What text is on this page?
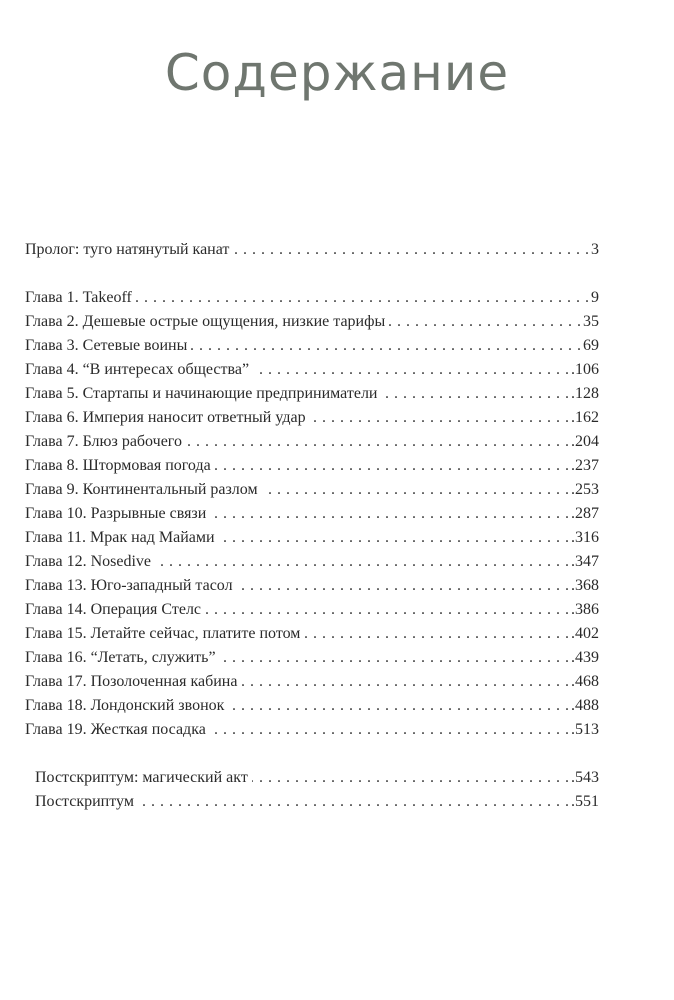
Содержание
Пролог: туго натянутый канат . . .	3
Глава 1. Takeoff . . .	9
Глава 2. Дешевые острые ощущения, низкие тарифы . . .	35
Глава 3. Сетевые воины . . .	69
Глава 4. “В интересах общества” . . .	.106
Глава 5. Стартапы и начинающие предприниматели . . .	.128
Глава 6. Империя наносит ответный удар . . .	.162
Глава 7. Блюз рабочего . . .	.204
Глава 8. Штормовая погода . . .	.237
Глава 9. Континентальный разлом . . .	.253
Глава 10. Разрывные связи . . .	.287
Глава 11. Мрак над Майами . . .	.316
Глава 12. Nosedive . . .	.347
Глава 13. Юго-западный тасол . . .	.368
Глава 14. Операция Стелс . . .	.386
Глава 15. Летайте сейчас, платите потом . . .	.402
Глава 16. “Летать, служить” . . .	.439
Глава 17. Позолоченная кабина . . .	.468
Глава 18. Лондонский звонок . . .	.488
Глава 19. Жесткая посадка . . .	.513
Постскриптум: магический акт . . .	.543
Постскриптум . . .	.551
